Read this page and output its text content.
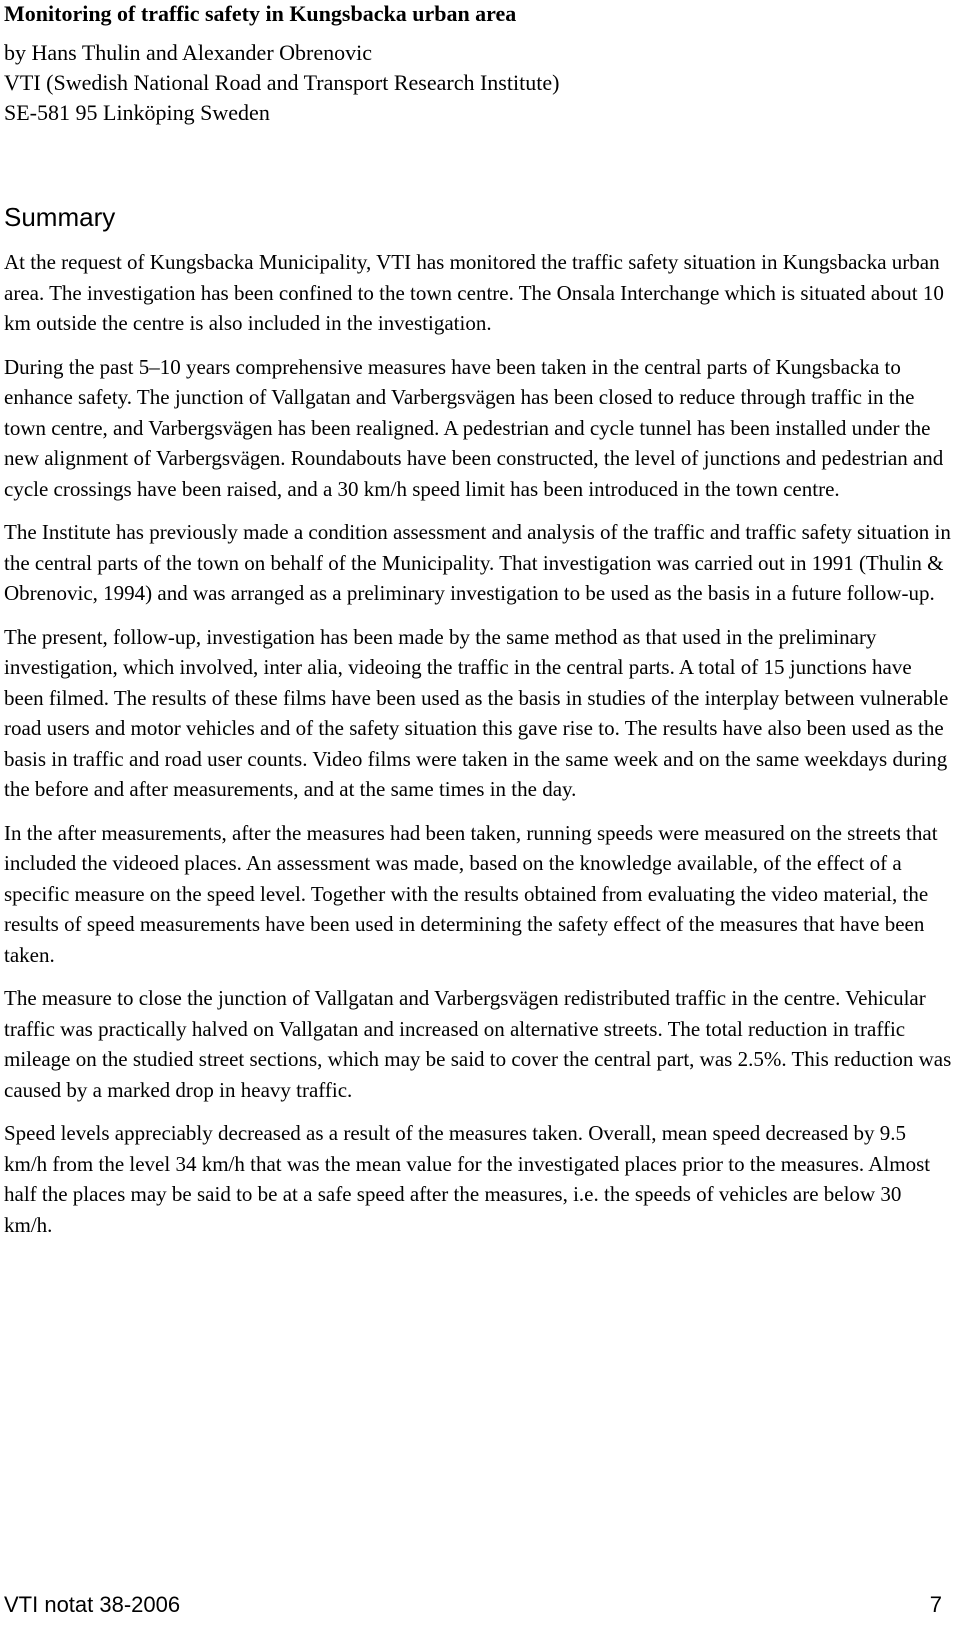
Monitoring of traffic safety in Kungsbacka urban area
by Hans Thulin and Alexander Obrenovic
VTI (Swedish National Road and Transport Research Institute)
SE-581 95 Linköping Sweden
Summary

At the request of Kungsbacka Municipality, VTI has monitored the traffic safety situation in Kungsbacka urban area. The investigation has been confined to the town centre. The Onsala Interchange which is situated about 10 km outside the centre is also included in the investigation.

During the past 5–10 years comprehensive measures have been taken in the central parts of Kungsbacka to enhance safety. The junction of Vallgatan and Varbergsvägen has been closed to reduce through traffic in the town centre, and Varbergsvägen has been realigned. A pedestrian and cycle tunnel has been installed under the new alignment of Varbergsvägen. Roundabouts have been constructed, the level of junctions and pedestrian and cycle crossings have been raised, and a 30 km/h speed limit has been introduced in the town centre.

The Institute has previously made a condition assessment and analysis of the traffic and traffic safety situation in the central parts of the town on behalf of the Municipality. That investigation was carried out in 1991 (Thulin & Obrenovic, 1994) and was arranged as a preliminary investigation to be used as the basis in a future follow-up.

The present, follow-up, investigation has been made by the same method as that used in the preliminary investigation, which involved, inter alia, videoing the traffic in the central parts. A total of 15 junctions have been filmed. The results of these films have been used as the basis in studies of the interplay between vulnerable road users and motor vehicles and of the safety situation this gave rise to. The results have also been used as the basis in traffic and road user counts. Video films were taken in the same week and on the same weekdays during the before and after measurements, and at the same times in the day.

In the after measurements, after the measures had been taken, running speeds were measured on the streets that included the videoed places. An assessment was made, based on the knowledge available, of the effect of a specific measure on the speed level. Together with the results obtained from evaluating the video material, the results of speed measurements have been used in determining the safety effect of the measures that have been taken.

The measure to close the junction of Vallgatan and Varbergsvägen redistributed traffic in the centre. Vehicular traffic was practically halved on Vallgatan and increased on alternative streets. The total reduction in traffic mileage on the studied street sections, which may be said to cover the central part, was 2.5%. This reduction was caused by a marked drop in heavy traffic.

Speed levels appreciably decreased as a result of the measures taken. Overall, mean speed decreased by 9.5 km/h from the level 34 km/h that was the mean value for the investigated places prior to the measures. Almost half the places may be said to be at a safe speed after the measures, i.e. the speeds of vehicles are below 30 km/h.

VTI notat 38-2006	7
